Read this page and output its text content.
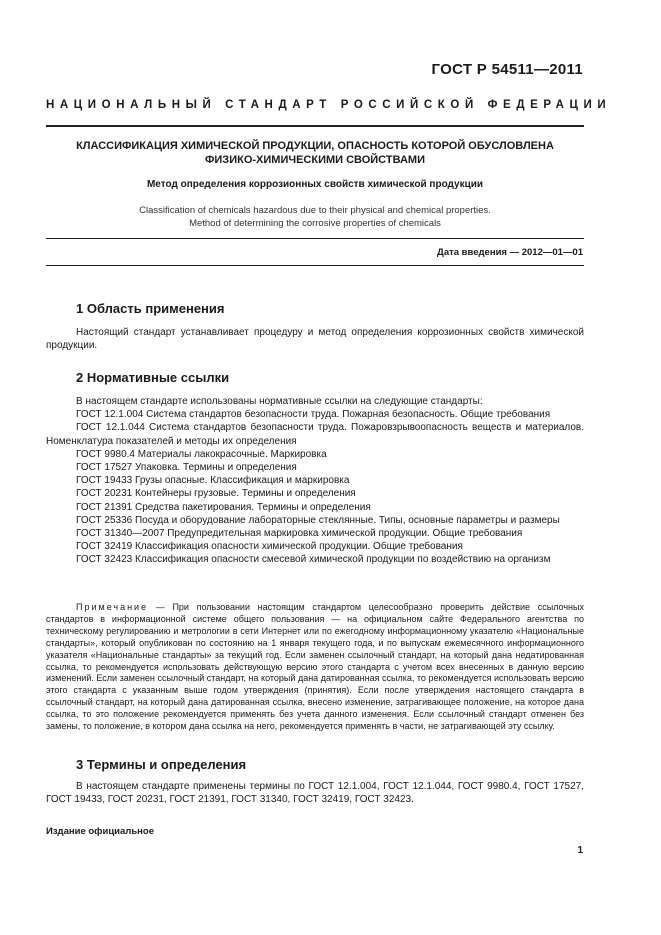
ГОСТ Р 54511—2011
НАЦИОНАЛЬНЫЙ СТАНДАРТ РОССИЙСКОЙ ФЕДЕРАЦИИ
КЛАССИФИКАЦИЯ ХИМИЧЕСКОЙ ПРОДУКЦИИ, ОПАСНОСТЬ КОТОРОЙ ОБУСЛОВЛЕНА
ФИЗИКО-ХИМИЧЕСКИМИ СВОЙСТВАМИ
Метод определения коррозионных свойств химической продукции
Classification of chemicals hazardous due to their physical and chemical properties.
Method of determining the corrosive properties of chemicals
Дата введения — 2012—01—01
1 Область применения

Настоящий стандарт устанавливает процедуру и метод определения коррозионных свойств химической продукции.

2 Нормативные ссылки

В настоящем стандарте использованы нормативные ссылки на следующие стандарты:

ГОСТ 12.1.004 Система стандартов безопасности труда. Пожарная безопасность. Общие требования

ГОСТ 12.1.044 Система стандартов безопасности труда. Пожаровзрывоопасность веществ и материалов. Номенклатура показателей и методы их определения

ГОСТ 9980.4 Материалы лакокрасочные. Маркировка

ГОСТ 17527 Упаковка. Термины и определения

ГОСТ 19433 Грузы опасные. Классификация и маркировка

ГОСТ 20231 Контейнеры грузовые. Термины и определения

ГОСТ 21391 Средства пакетирования. Термины и определения

ГОСТ 25336 Посуда и оборудование лабораторные стеклянные. Типы, основные параметры и размеры

ГОСТ 31340—2007 Предупредительная маркировка химической продукции. Общие требования

ГОСТ 32419 Классификация опасности химической продукции. Общие требования

ГОСТ 32423 Классификация опасности смесевой химической продукции по воздействию на организм

Примечание — При пользовании настоящим стандартом целесообразно проверить действие ссылочных стандартов в информационной системе общего пользования — на официальном сайте Федерального агентства по техническому регулированию и метрологии в сети Интернет или по ежегодному информационному указателю «Национальные стандарты», который опубликован по состоянию на 1 января текущего года, и по выпускам ежемесячного информационного указателя «Национальные стандарты» за текущий год. Если заменен ссылочный стандарт, на который дана недатированная ссылка, то рекомендуется использовать действующую версию этого стандарта с учетом всех внесенных в данную версию изменений. Если заменен ссылочный стандарт, на который дана датированная ссылка, то рекомендуется использовать версию этого стандарта с указанным выше годом утверждения (принятия). Если после утверждения настоящего стандарта в ссылочный стандарт, на который дана датированная ссылка, внесено изменение, затрагивающее положение, на которое дана ссылка, то это положение рекомендуется применять без учета данного изменения. Если ссылочный стандарт отменен без замены, то положение, в котором дана ссылка на него, рекомендуется применять в части, не затрагивающей эту ссылку.

3 Термины и определения

В настоящем стандарте применены термины по ГОСТ 12.1.004, ГОСТ 12.1.044, ГОСТ 9980.4, ГОСТ 17527, ГОСТ 19433, ГОСТ 20231, ГОСТ 21391, ГОСТ 31340, ГОСТ 32419, ГОСТ 32423.

Издание официальное
1
